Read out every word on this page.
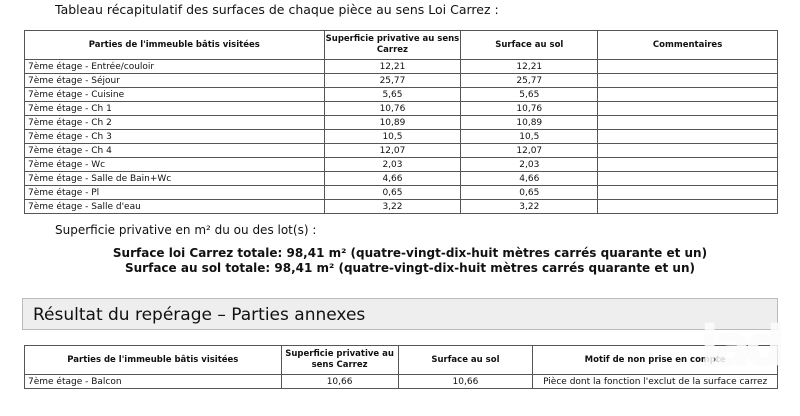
Tableau récapitulatif des surfaces de chaque pièce au sens Loi Carrez :
Parties de l'immeuble bâtis visitées	Superficie privative au sens Carrez	Surface au sol	Commentaires
7ème étage - Entrée/couloir	12,21	12,21	
7ème étage - Séjour	25,77	25,77	
7ème étage - Cuisine	5,65	5,65	
7ème étage - Ch 1	10,76	10,76	
7ème étage - Ch 2	10,89	10,89	
7ème étage - Ch 3	10,5	10,5	
7ème étage - Ch 4	12,07	12,07	
7ème étage - Wc	2,03	2,03	
7ème étage - Salle de Bain+Wc	4,66	4,66	
7ème étage - Pl	0,65	0,65	
7ème étage - Salle d'eau	3,22	3,22	
Superficie privative en m² du ou des lot(s) :
Surface loi Carrez totale: 98,41 m² (quatre-vingt-dix-huit mètres carrés quarante et un)
Surface au sol totale: 98,41 m² (quatre-vingt-dix-huit mètres carrés quarante et un)
Résultat du repérage – Parties annexes
Parties de l'immeuble bâtis visitées	Superficie privative au sens Carrez	Surface au sol	Motif de non prise en compte
7ème étage - Balcon	10,66	10,66	Pièce dont la fonction l'exclut de la surface carrez
iad
